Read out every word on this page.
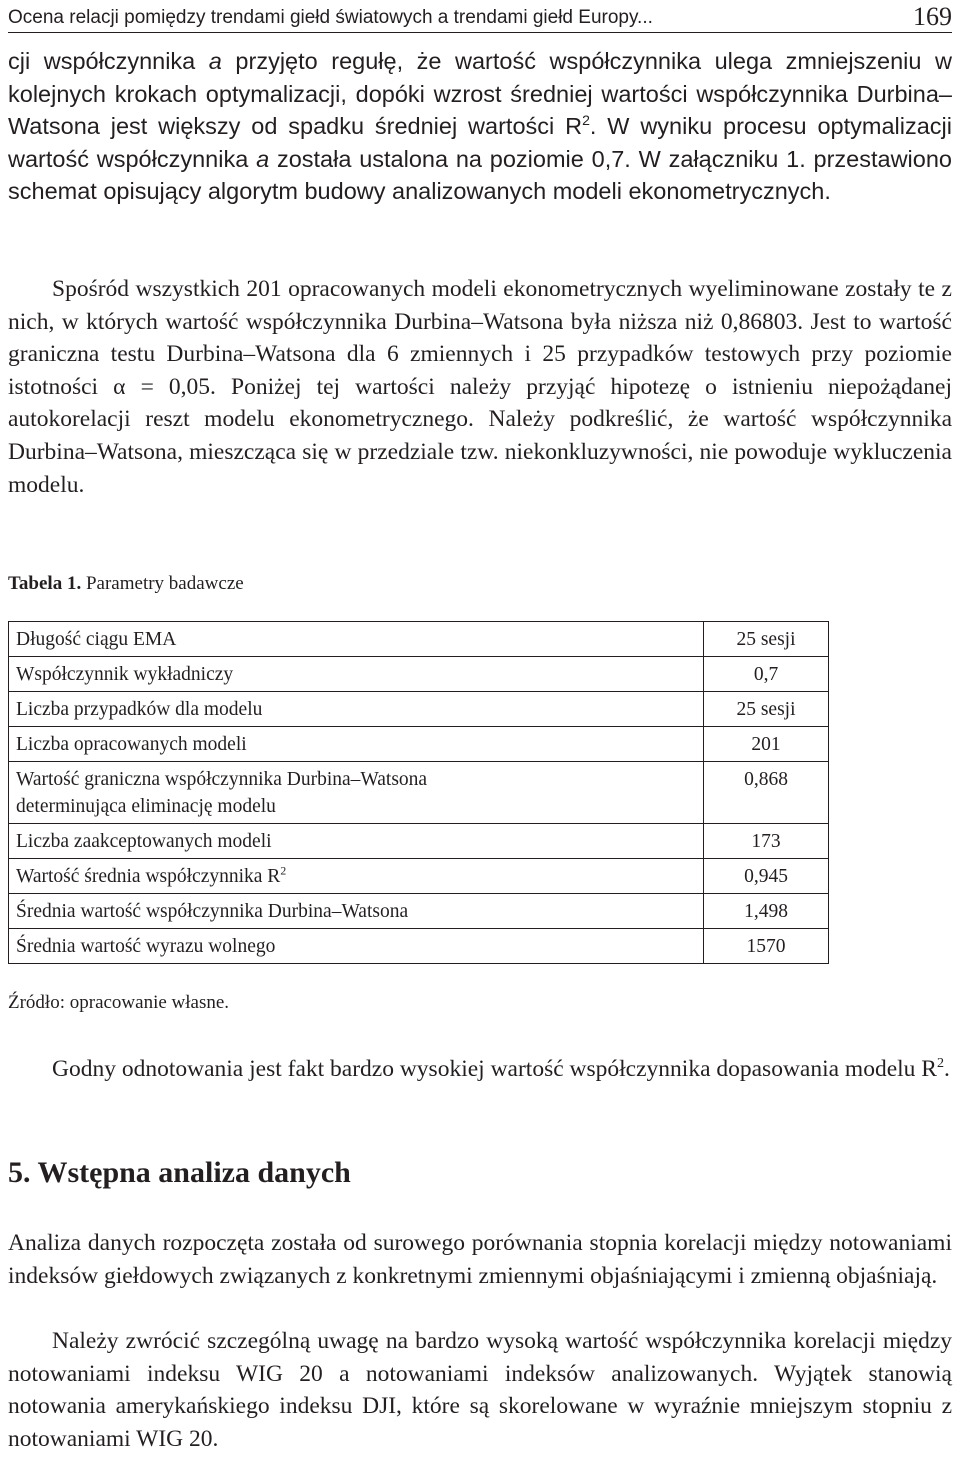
Ocena relacji pomiędzy trendami giełd światowych a trendami giełd Europy...	169

cji współczynnika a przyjęto regułę, że wartość współczynnika ulega zmniejszeniu w kolejnych krokach optymalizacji, dopóki wzrost średniej wartości współczynnika Durbina–Watsona jest większy od spadku średniej wartości $R^2$. W wyniku procesu optymalizacji wartość współczynnika a została ustalona na poziomie 0,7. W załączniku 1. przestawiono schemat opisujący algorytm budowy analizowanych modeli ekonometrycznych.

Spośród wszystkich 201 opracowanych modeli ekonometrycznych wyeliminowane zostały te z nich, w których wartość współczynnika Durbina–Watsona była niższa niż 0,86803. Jest to wartość graniczna testu Durbina–Watsona dla 6 zmiennych i 25 przypadków testowych przy poziomie istotności α = 0,05. Poniżej tej wartości należy przyjąć hipotezę o istnieniu niepożądanej autokorelacji reszt modelu ekonometrycznego. Należy podkreślić, że wartość współczynnika Durbina–Watsona, mieszcząca się w przedziale tzw. niekonkluzywności, nie powoduje wykluczenia modelu.

Tabela 1. Parametry badawcze
Długość ciągu EMA	25 sesji
Współczynnik wykładniczy	0,7
Liczba przypadków dla modelu	25 sesji
Liczba opracowanych modeli	201
Wartość graniczna współczynnika Durbina–Watsona
determinująca eliminację modelu	0,868
Liczba zaakceptowanych modeli	173
Wartość średnia współczynnika $R^2$	0,945
Średnia wartość współczynnika Durbina–Watsona	1,498
Średnia wartość wyrazu wolnego	1570
Źródło: opracowanie własne.

Godny odnotowania jest fakt bardzo wysokiej wartość współczynnika dopasowania modelu $R^2$.

5. Wstępna analiza danych

Analiza danych rozpoczęta została od surowego porównania stopnia korelacji między notowaniami indeksów giełdowych związanych z konkretnymi zmiennymi objaśniającymi i zmienną objaśniają.

Należy zwrócić szczególną uwagę na bardzo wysoką wartość współczynnika korelacji między notowaniami indeksu WIG 20 a notowaniami indeksów analizowanych. Wyjątek stanowią notowania amerykańskiego indeksu DJI, które są skorelowane w wyraźnie mniejszym stopniu z notowaniami WIG 20.
